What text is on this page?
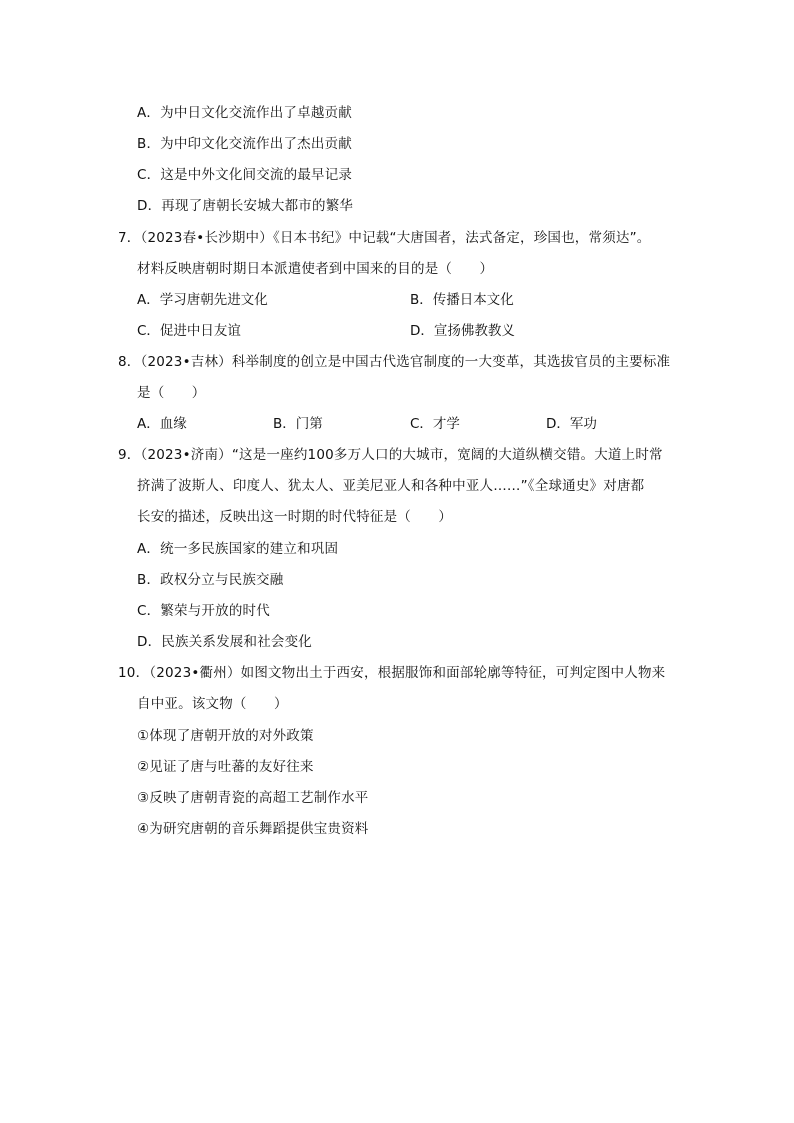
A．为中日文化交流作出了卓越贡献
B．为中印文化交流作出了杰出贡献
C．这是中外文化间交流的最早记录
D．再现了唐朝长安城大都市的繁华
7．（2023春•长沙期中）《日本书纪》中记载“大唐国者，法式备定，珍国也，常须达”。
材料反映唐朝时期日本派遣使者到中国来的目的是（　　）
A．学习唐朝先进文化	B．传播日本文化
C．促进中日友谊	D．宣扬佛教教义
8．（2023•吉林）科举制度的创立是中国古代选官制度的一大变革，其选拔官员的主要标准
是（　　）
A．血缘	B．门第	C．才学	D．军功
9．（2023•济南）“这是一座约100多万人口的大城市，宽阔的大道纵横交错。大道上时常
挤满了波斯人、印度人、犹太人、亚美尼亚人和各种中亚人……”《全球通史》对唐都
长安的描述，反映出这一时期的时代特征是（　　）
A．统一多民族国家的建立和巩固
B．政权分立与民族交融
C．繁荣与开放的时代
D．民族关系发展和社会变化
10．（2023•衢州）如图文物出土于西安，根据服饰和面部轮廓等特征，可判定图中人物来
自中亚。该文物（　　）
①体现了唐朝开放的对外政策
②见证了唐与吐蕃的友好往来
③反映了唐朝青瓷的高超工艺制作水平
④为研究唐朝的音乐舞蹈提供宝贵资料
